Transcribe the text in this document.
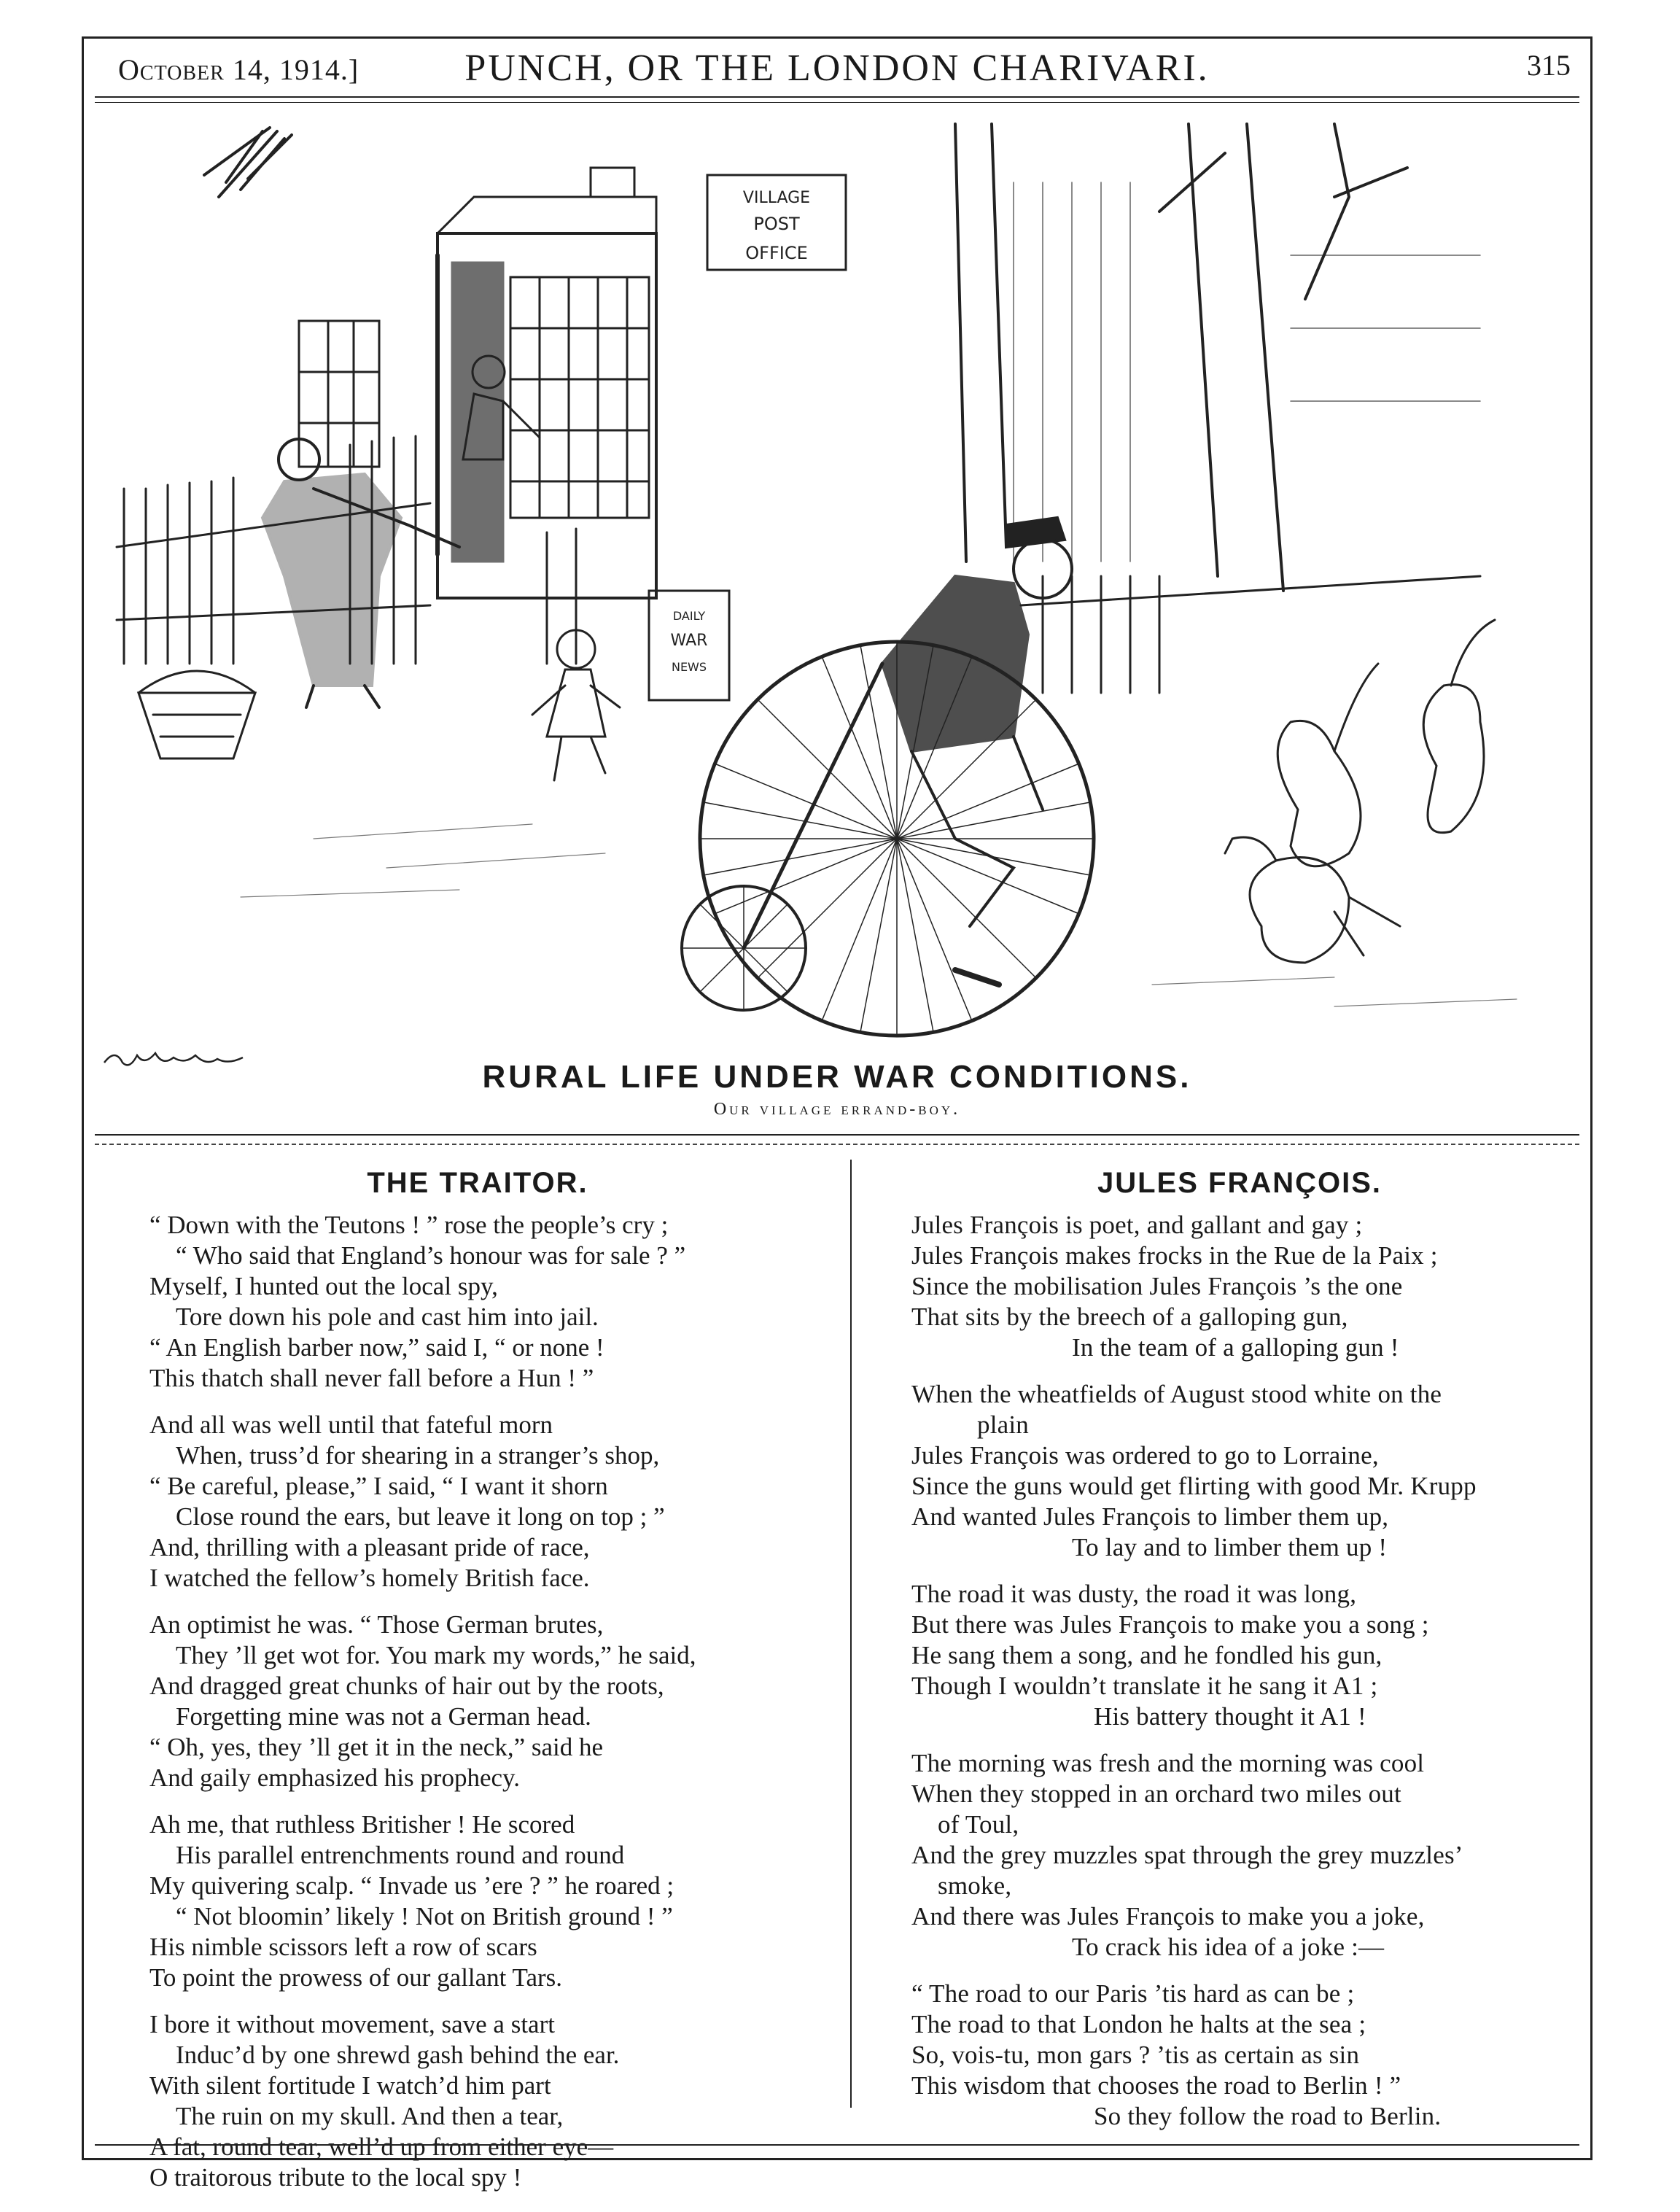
October 14, 1914.]	PUNCH, OR THE LONDON CHARIVARI.	315
VILLAGE
POST
OFFICE
DAILY
WAR
NEWS
RURAL LIFE UNDER WAR CONDITIONS.
Our village errand-boy.
THE TRAITOR.
“ Down with the Teutons ! ” rose the people’s cry ;
“ Who said that England’s honour was for sale ? ”
Myself, I hunted out the local spy,
Tore down his pole and cast him into jail.
“ An English barber now,” said I, “ or none !
This thatch shall never fall before a Hun ! ”
And all was well until that fateful morn
When, truss’d for shearing in a stranger’s shop,
“ Be careful, please,” I said, “ I want it shorn
Close round the ears, but leave it long on top ; ”
And, thrilling with a pleasant pride of race,
I watched the fellow’s homely British face.
An optimist he was. “ Those German brutes,
They ’ll get wot for. You mark my words,” he said,
And dragged great chunks of hair out by the roots,
Forgetting mine was not a German head.
“ Oh, yes, they ’ll get it in the neck,” said he
And gaily emphasized his prophecy.
Ah me, that ruthless Britisher ! He scored
His parallel entrenchments round and round
My quivering scalp. “ Invade us ’ere ? ” he roared ;
“ Not bloomin’ likely ! Not on British ground ! ”
His nimble scissors left a row of scars
To point the prowess of our gallant Tars.
I bore it without movement, save a start
Induc’d by one shrewd gash behind the ear.
With silent fortitude I watch’d him part
The ruin on my skull. And then a tear,
A fat, round tear, well’d up from either eye—
O traitorous tribute to the local spy !
JULES FRANÇOIS.
Jules François is poet, and gallant and gay ;
Jules François makes frocks in the Rue de la Paix ;
Since the mobilisation Jules François ’s the one
That sits by the breech of a galloping gun,
In the team of a galloping gun !
When the wheatfields of August stood white on the
plain
Jules François was ordered to go to Lorraine,
Since the guns would get flirting with good Mr. Krupp
And wanted Jules François to limber them up,
To lay and to limber them up !
The road it was dusty, the road it was long,
But there was Jules François to make you a song ;
He sang them a song, and he fondled his gun,
Though I wouldn’t translate it he sang it A1 ;
His battery thought it A1 !
The morning was fresh and the morning was cool
When they stopped in an orchard two miles out
of Toul,
And the grey muzzles spat through the grey muzzles’
smoke,
And there was Jules François to make you a joke,
To crack his idea of a joke :—
“ The road to our Paris ’tis hard as can be ;
The road to that London he halts at the sea ;
So, vois-tu, mon gars ? ’tis as certain as sin
This wisdom that chooses the road to Berlin ! ”
So they follow the road to Berlin.
